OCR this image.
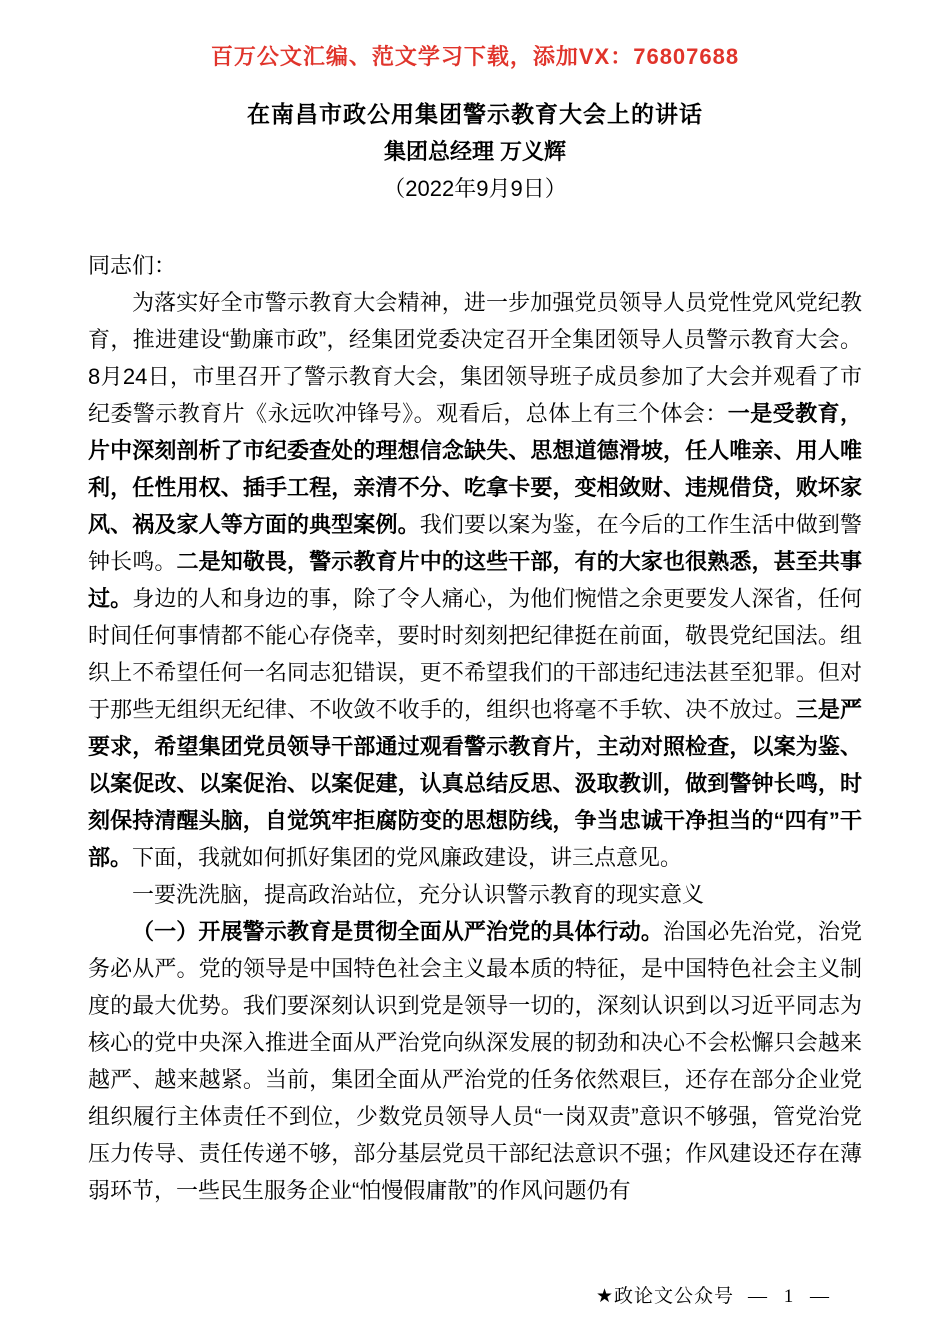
百万公文汇编、范文学习下载，添加VX：76807688
在南昌市政公用集团警示教育大会上的讲话
集团总经理 万义辉
（2022年9月9日）

同志们：

为落实好全市警示教育大会精神，进一步加强党员领导人员党性党风党纪教育，推进建设“勤廉市政”，经集团党委决定召开全集团领导人员警示教育大会。8月24日，市里召开了警示教育大会，集团领导班子成员参加了大会并观看了市纪委警示教育片《永远吹冲锋号》。观看后，总体上有三个体会：一是受教育，片中深刻剖析了市纪委查处的理想信念缺失、思想道德滑坡，任人唯亲、用人唯利，任性用权、插手工程，亲清不分、吃拿卡要，变相敛财、违规借贷，败坏家风、祸及家人等方面的典型案例。我们要以案为鉴，在今后的工作生活中做到警钟长鸣。二是知敬畏，警示教育片中的这些干部，有的大家也很熟悉，甚至共事过。身边的人和身边的事，除了令人痛心，为他们惋惜之余更要发人深省，任何时间任何事情都不能心存侥幸，要时时刻刻把纪律挺在前面，敬畏党纪国法。组织上不希望任何一名同志犯错误，更不希望我们的干部违纪违法甚至犯罪。但对于那些无组织无纪律、不收敛不收手的，组织也将毫不手软、决不放过。三是严要求，希望集团党员领导干部通过观看警示教育片，主动对照检查，以案为鉴、以案促改、以案促治、以案促建，认真总结反思、汲取教训，做到警钟长鸣，时刻保持清醒头脑，自觉筑牢拒腐防变的思想防线，争当忠诚干净担当的“四有”干部。下面，我就如何抓好集团的党风廉政建设，讲三点意见。

一要洗洗脑，提高政治站位，充分认识警示教育的现实意义

（一）开展警示教育是贯彻全面从严治党的具体行动。治国必先治党，治党务必从严。党的领导是中国特色社会主义最本质的特征，是中国特色社会主义制度的最大优势。我们要深刻认识到党是领导一切的，深刻认识到以习近平同志为核心的党中央深入推进全面从严治党向纵深发展的韧劲和决心不会松懈只会越来越严、越来越紧。当前，集团全面从严治党的任务依然艰巨，还存在部分企业党组织履行主体责任不到位，少数党员领导人员“一岗双责”意识不够强，管党治党压力传导、责任传递不够，部分基层党员干部纪法意识不强；作风建设还存在薄弱环节，一些民生服务企业“怕慢假庸散”的作风问题仍有

★政论文公众号 — 1 —
